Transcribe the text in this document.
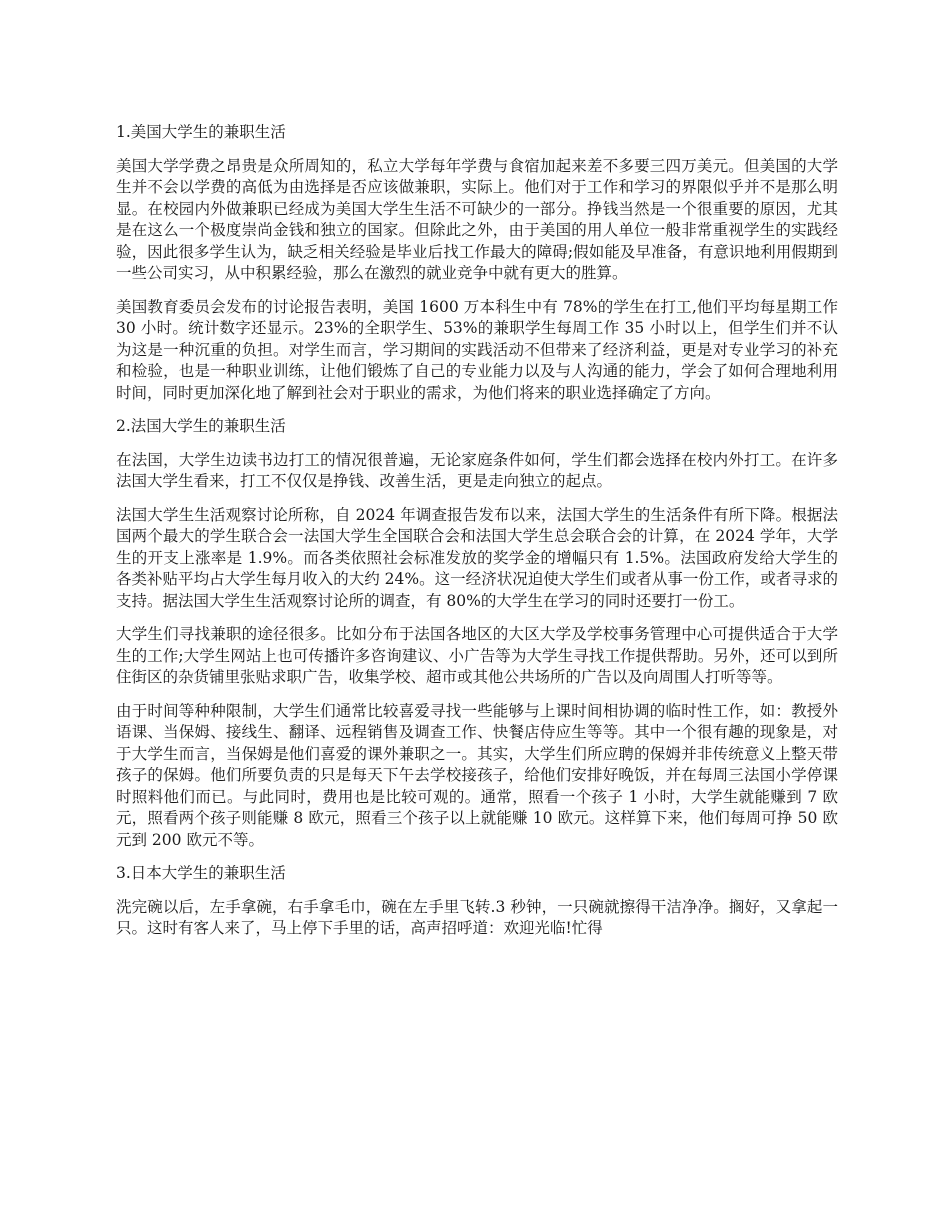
1.美国大学生的兼职生活

美国大学学费之昂贵是众所周知的，私立大学每年学费与食宿加起来差不多要三四万美元。但美国的大学生并不会以学费的高低为由选择是否应该做兼职，实际上。他们对于工作和学习的界限似乎并不是那么明显。在校园内外做兼职已经成为美国大学生生活不可缺少的一部分。挣钱当然是一个很重要的原因，尤其是在这么一个极度崇尚金钱和独立的国家。但除此之外，由于美国的用人单位一般非常重视学生的实践经验，因此很多学生认为，缺乏相关经验是毕业后找工作最大的障碍;假如能及早准备，有意识地利用假期到一些公司实习，从中积累经验，那么在激烈的就业竞争中就有更大的胜算。

美国教育委员会发布的讨论报告表明，美国 1600 万本科生中有 78%的学生在打工,他们平均每星期工作 30 小时。统计数字还显示。23%的全职学生、53%的兼职学生每周工作 35 小时以上，但学生们并不认为这是一种沉重的负担。对学生而言，学习期间的实践活动不但带来了经济利益，更是对专业学习的补充和检验，也是一种职业训练，让他们锻炼了自己的专业能力以及与人沟通的能力，学会了如何合理地利用时间，同时更加深化地了解到社会对于职业的需求，为他们将来的职业选择确定了方向。

2.法国大学生的兼职生活

在法国，大学生边读书边打工的情况很普遍，无论家庭条件如何，学生们都会选择在校内外打工。在许多法国大学生看来，打工不仅仅是挣钱、改善生活，更是走向独立的起点。

法国大学生生活观察讨论所称，自 2024 年调查报告发布以来，法国大学生的生活条件有所下降。根据法国两个最大的学生联合会一法国大学生全国联合会和法国大学生总会联合会的计算，在 2024 学年，大学生的开支上涨率是 1.9%。而各类依照社会标准发放的奖学金的增幅只有 1.5%。法国政府发给大学生的各类补贴平均占大学生每月收入的大约 24%。这一经济状况迫使大学生们或者从事一份工作，或者寻求的支持。据法国大学生生活观察讨论所的调查，有 80%的大学生在学习的同时还要打一份工。

大学生们寻找兼职的途径很多。比如分布于法国各地区的大区大学及学校事务管理中心可提供适合于大学生的工作;大学生网站上也可传播许多咨询建议、小广告等为大学生寻找工作提供帮助。另外，还可以到所住街区的杂货铺里张贴求职广告，收集学校、超市或其他公共场所的广告以及向周围人打听等等。

由于时间等种种限制，大学生们通常比较喜爱寻找一些能够与上课时间相协调的临时性工作，如：教授外语课、当保姆、接线生、翻译、远程销售及调查工作、快餐店侍应生等等。其中一个很有趣的现象是，对于大学生而言，当保姆是他们喜爱的课外兼职之一。其实，大学生们所应聘的保姆并非传统意义上整天带孩子的保姆。他们所要负责的只是每天下午去学校接孩子，给他们安排好晚饭，并在每周三法国小学停课时照料他们而已。与此同时，费用也是比较可观的。通常，照看一个孩子 1 小时，大学生就能赚到 7 欧元，照看两个孩子则能赚 8 欧元，照看三个孩子以上就能赚 10 欧元。这样算下来，他们每周可挣 50 欧元到 200 欧元不等。

3.日本大学生的兼职生活

洗完碗以后，左手拿碗，右手拿毛巾，碗在左手里飞转.3 秒钟，一只碗就擦得干洁净净。搁好，又拿起一只。这时有客人来了，马上停下手里的话，高声招呼道：欢迎光临!忙得
